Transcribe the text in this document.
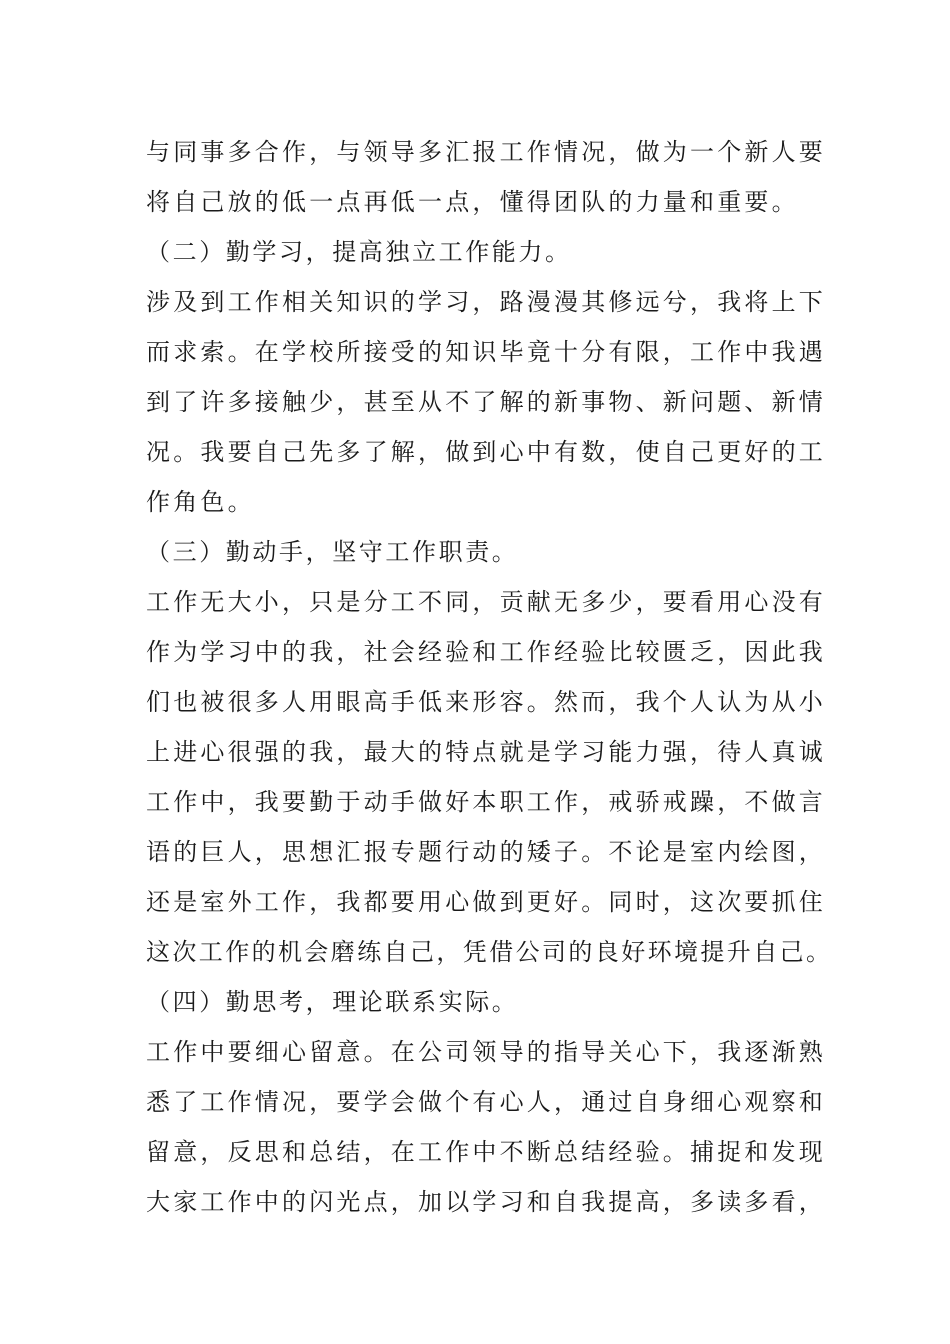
与同事多合作，与领导多汇报工作情况，做为一个新人要
将自己放的低一点再低一点，懂得团队的力量和重要。
（二）勤学习，提高独立工作能力。
涉及到工作相关知识的学习，路漫漫其修远兮，我将上下
而求索。在学校所接受的知识毕竟十分有限，工作中我遇
到了许多接触少，甚至从不了解的新事物、新问题、新情
况。我要自己先多了解，做到心中有数，使自己更好的工
作角色。
（三）勤动手，坚守工作职责。
工作无大小，只是分工不同，贡献无多少，要看用心没有
作为学习中的我，社会经验和工作经验比较匮乏，因此我
们也被很多人用眼高手低来形容。然而，我个人认为从小
上进心很强的我，最大的特点就是学习能力强，待人真诚
工作中，我要勤于动手做好本职工作，戒骄戒躁，不做言
语的巨人，思想汇报专题行动的矮子。不论是室内绘图，
还是室外工作，我都要用心做到更好。同时，这次要抓住
这次工作的机会磨练自己，凭借公司的良好环境提升自己。
（四）勤思考，理论联系实际。
工作中要细心留意。在公司领导的指导关心下，我逐渐熟
悉了工作情况，要学会做个有心人，通过自身细心观察和
留意，反思和总结，在工作中不断总结经验。捕捉和发现
大家工作中的闪光点，加以学习和自我提高，多读多看，
